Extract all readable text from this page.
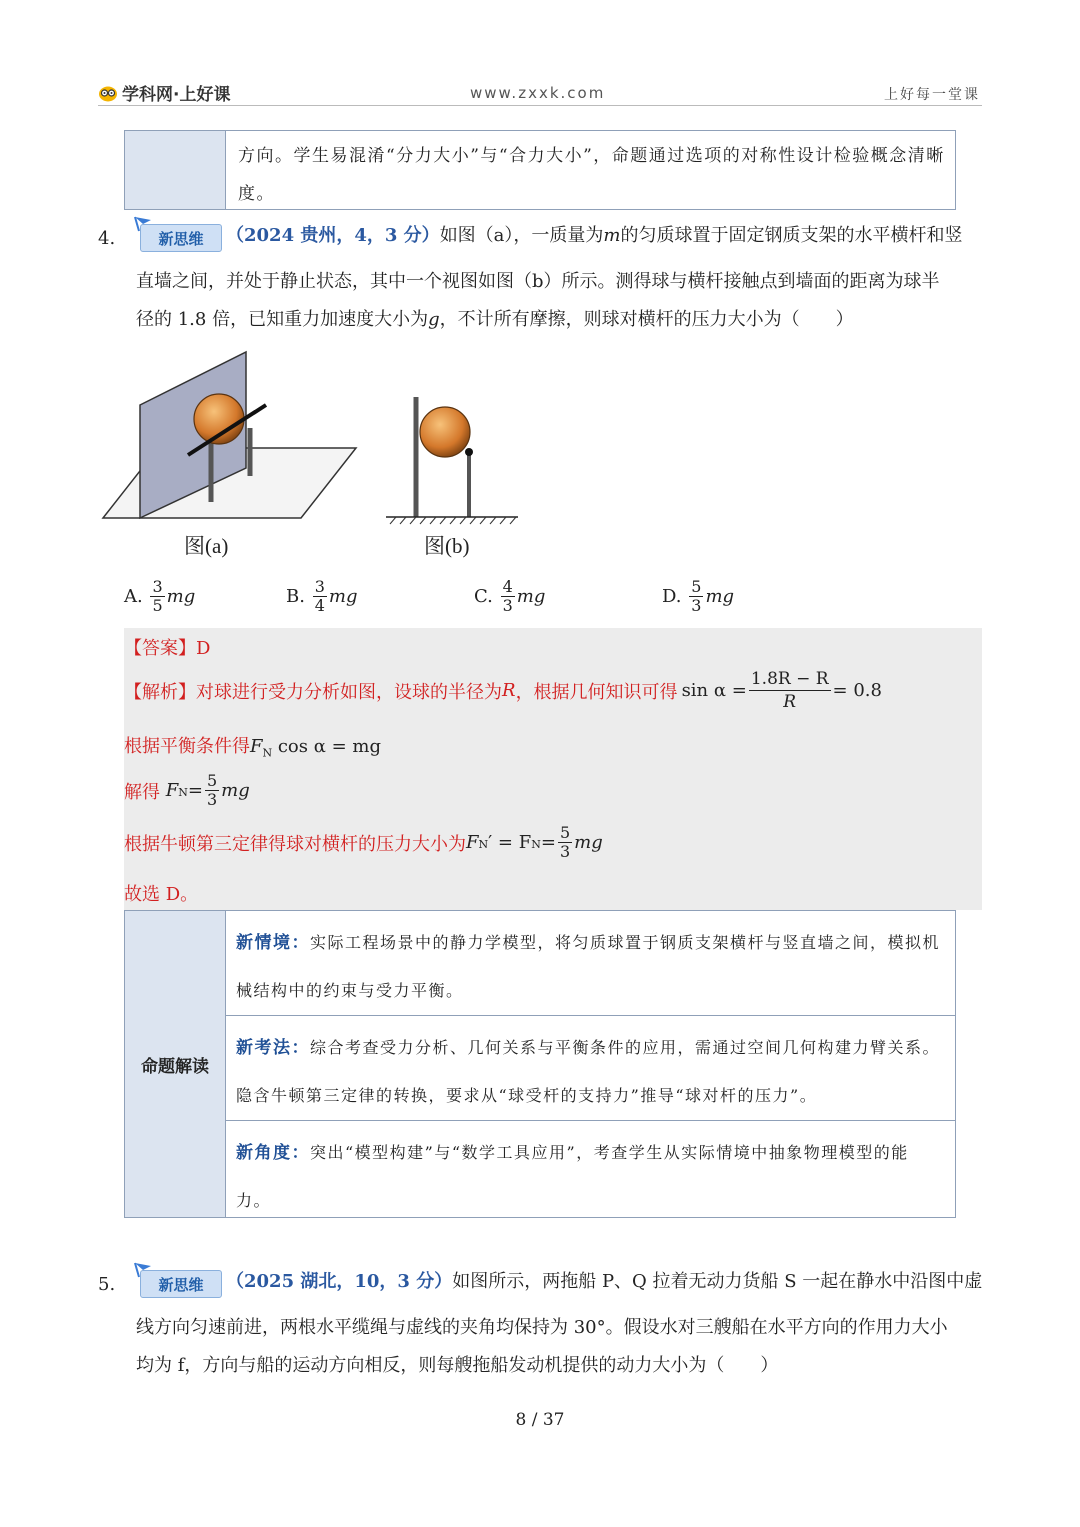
学科网·上好课	www.zxxk.com	上好每一堂课
方向。学生易混淆“分力大小”与“合力大小”，命题通过选项的对称性设计检验概念清晰度。
4.	新思维 （2024 贵州，4，3 分）如图（a），一质量为m的匀质球置于固定钢质支架的水平横杆和竖
直墙之间，并处于静止状态，其中一个视图如图（b）所示。测得球与横杆接触点到墙面的距离为球半
径的 1.8 倍，已知重力加速度大小为g，不计所有摩擦，则球对横杆的压力大小为（　　）
图(a)	图(b)
A.
$\frac{3}{5}$ mg	B.
$\frac{3}{4}$ mg	C.
$\frac{4}{3}$ mg	D.
$\frac{5}{3}$ mg
【答案】D
【解析】 对球进行受力分析如图，设球的半径为 R ，根据几何知识可得 $\sin \alpha = \frac{1.8R - R}{R} = 0.8$
根据平衡条件得$F_N$ cos α = mg
解得
F $N = \frac{5}{3}$ mg
根据牛顿第三定律得球对横杆的压力大小为 F N ′ = F $N = \frac{5}{3}$ mg
故选 D。
命题解读
新情境：实际工程场景中的静力学模型，将匀质球置于钢质支架横杆与竖直墙之间，模拟机械结构中的约束与受力平衡。
新考法：综合考查受力分析、几何关系与平衡条件的应用，需通过空间几何构建力臂关系。隐含牛顿第三定律的转换，要求从“球受杆的支持力”推导“球对杆的压力”。
新角度：突出“模型构建”与“数学工具应用”，考查学生从实际情境中抽象物理模型的能力。
5.	新思维 （2025 湖北，10，3 分）如图所示，两拖船 P、Q 拉着无动力货船 S 一起在静水中沿图中虚
线方向匀速前进，两根水平缆绳与虚线的夹角均保持为 30°。假设水对三艘船在水平方向的作用力大小
均为 f，方向与船的运动方向相反，则每艘拖船发动机提供的动力大小为（　　）
8 / 37
